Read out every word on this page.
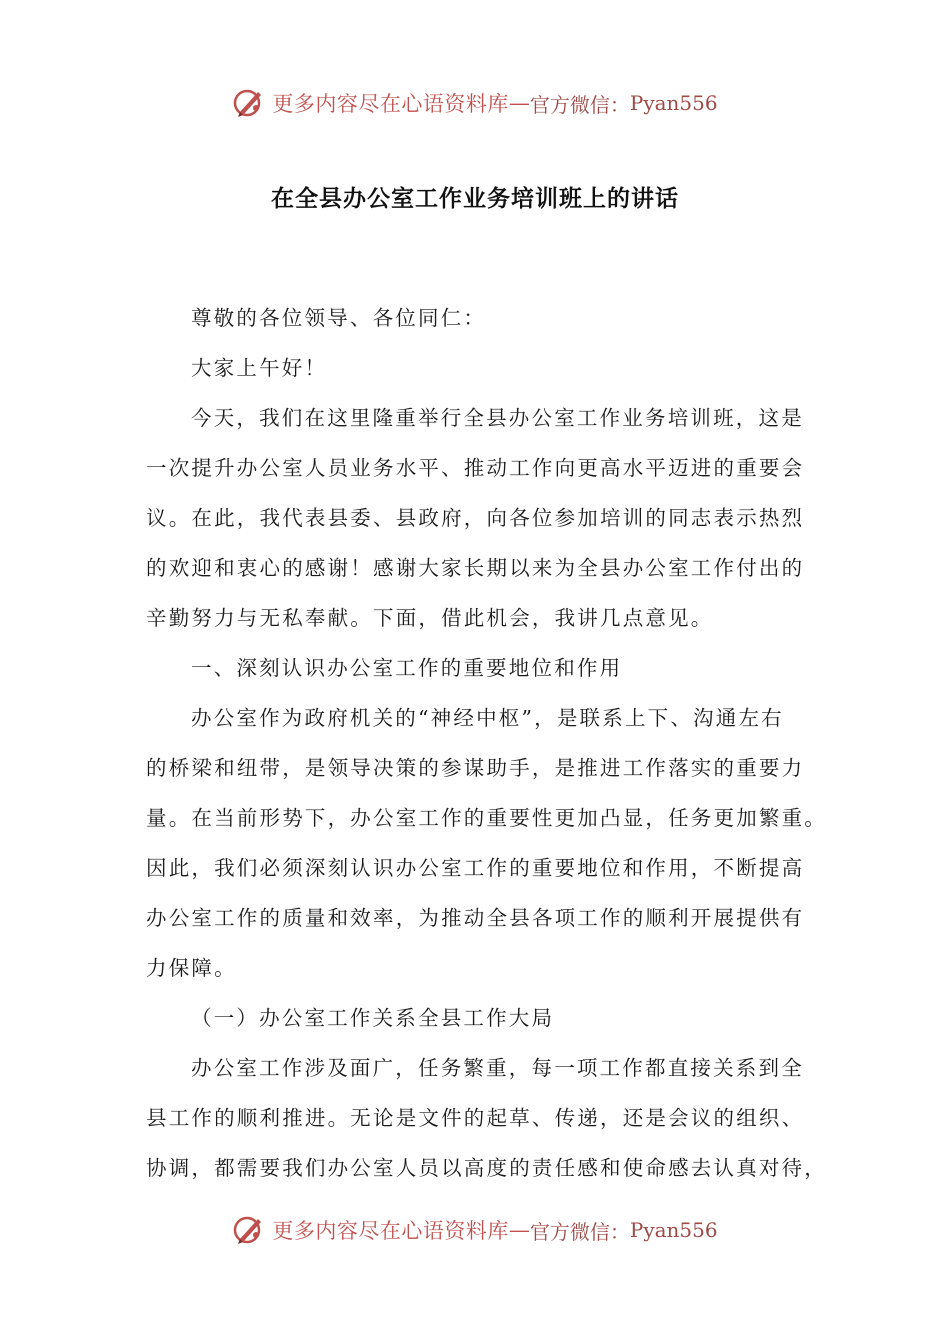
更多内容尽在心语资料库 — 官方微信： Pyan556
在全县办公室工作业务培训班上的讲话
尊敬的各位领导、各位同仁：
大家上午好！
今天，我们在这里隆重举行全县办公室工作业务培训班，这是
一次提升办公室人员业务水平、推动工作向更高水平迈进的重要会
议。在此，我代表县委、县政府，向各位参加培训的同志表示热烈
的欢迎和衷心的感谢！感谢大家长期以来为全县办公室工作付出的
辛勤努力与无私奉献。下面，借此机会，我讲几点意见。
一、深刻认识办公室工作的重要地位和作用
办公室作为政府机关的“神经中枢”，是联系上下、沟通左右
的桥梁和纽带，是领导决策的参谋助手，是推进工作落实的重要力
量。在当前形势下，办公室工作的重要性更加凸显，任务更加繁重。
因此，我们必须深刻认识办公室工作的重要地位和作用，不断提高
办公室工作的质量和效率，为推动全县各项工作的顺利开展提供有
力保障。
（一）办公室工作关系全县工作大局
办公室工作涉及面广，任务繁重，每一项工作都直接关系到全
县工作的顺利推进。无论是文件的起草、传递，还是会议的组织、
协调，都需要我们办公室人员以高度的责任感和使命感去认真对待，
更多内容尽在心语资料库 — 官方微信： Pyan556
